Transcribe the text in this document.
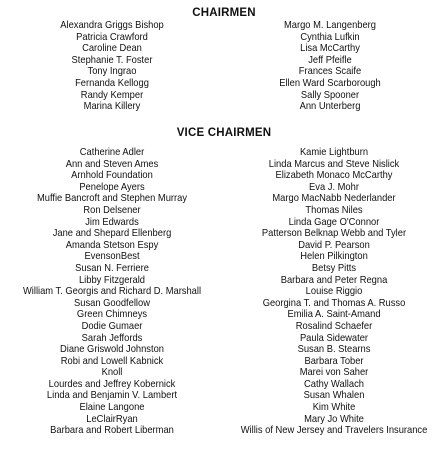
CHAIRMEN
Alexandra Griggs Bishop
Patricia Crawford
Caroline Dean
Stephanie T. Foster
Tony Ingrao
Fernanda Kellogg
Randy Kemper
Marina Killery
Margo M. Langenberg
Cynthia Lufkin
Lisa McCarthy
Jeff Pfeifle
Frances Scaife
Ellen Ward Scarborough
Sally Spooner
Ann Unterberg
VICE CHAIRMEN
Catherine Adler
Ann and Steven Ames
Arnhold Foundation
Penelope Ayers
Muffie Bancroft and Stephen Murray
Ron Delsener
Jim Edwards
Jane and Shepard Ellenberg
Amanda Stetson Espy
EvensonBest
Susan N. Ferriere
Libby Fitzgerald
William T. Georgis and Richard D. Marshall
Susan Goodfellow
Green Chimneys
Dodie Gumaer
Sarah Jeffords
Diane Griswold Johnston
Robi and Lowell Kabnick
Knoll
Lourdes and Jeffrey Kobernick
Linda and Benjamin V. Lambert
Elaine Langone
LeClairRyan
Barbara and Robert Liberman
Kamie Lightburn
Linda Marcus and Steve Nislick
Elizabeth Monaco McCarthy
Eva J. Mohr
Margo MacNabb Nederlander
Thomas Niles
Linda Gage O'Connor
Patterson Belknap Webb and Tyler
David P. Pearson
Helen Pilkington
Betsy Pitts
Barbara and Peter Regna
Louise Riggio
Georgina T. and Thomas A. Russo
Emilia A. Saint-Amand
Rosalind Schaefer
Paula Sidewater
Susan B. Stearns
Barbara Tober
Marei von Saher
Cathy Wallach
Susan Whalen
Kim White
Mary Jo White
Willis of New Jersey and Travelers Insurance
